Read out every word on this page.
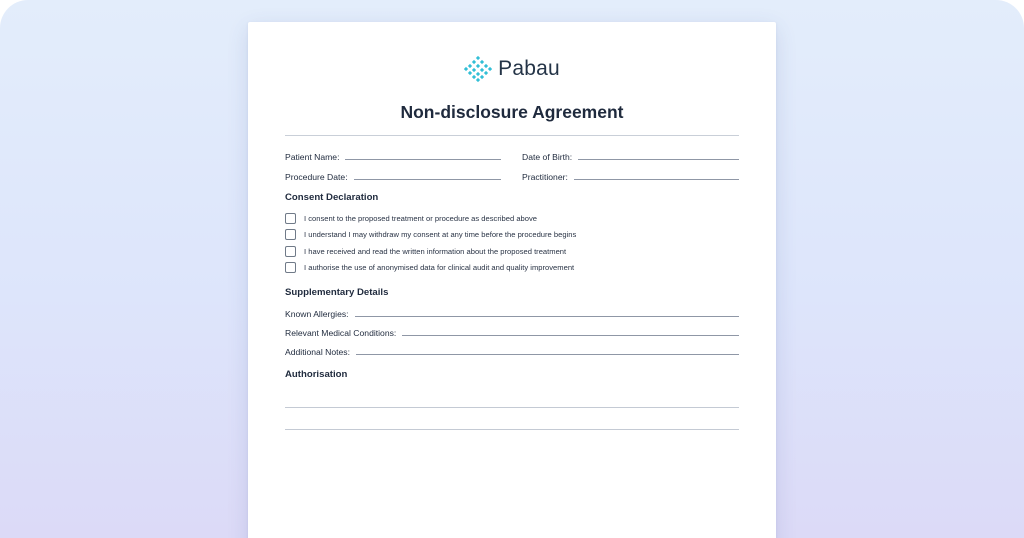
Pabau
Non-disclosure Agreement
Patient Name:	Date of Birth:
Procedure Date:	Practitioner:
Consent Declaration
I consent to the proposed treatment or procedure as described above
I understand I may withdraw my consent at any time before the procedure begins
I have received and read the written information about the proposed treatment
I authorise the use of anonymised data for clinical audit and quality improvement
Supplementary Details
Known Allergies:
Relevant Medical Conditions:
Additional Notes:
Authorisation
